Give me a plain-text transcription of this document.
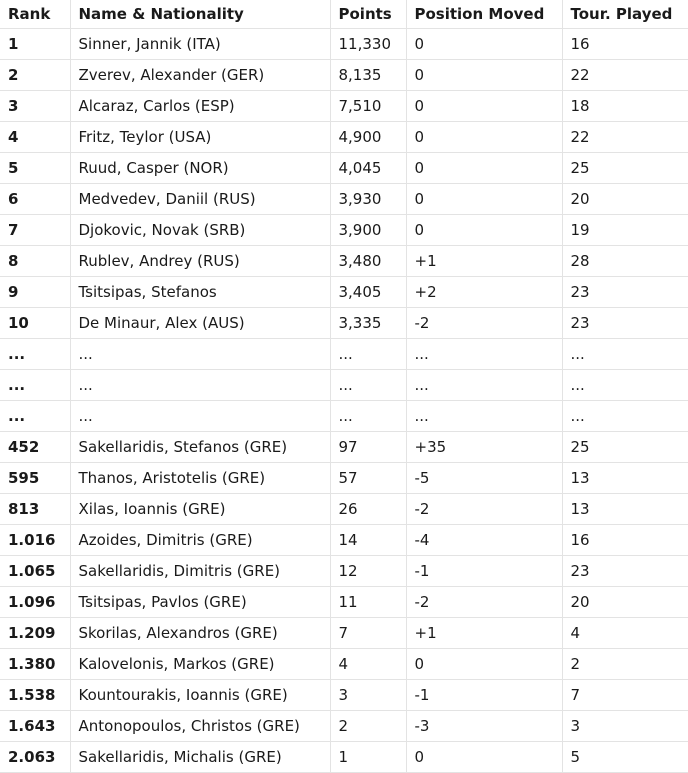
Rank	Name & Nationality	Points	Position Moved	Tour. Played
1	Sinner, Jannik (ITA)	11,330	0	16
2	Zverev, Alexander (GER)	8,135	0	22
3	Alcaraz, Carlos (ESP)	7,510	0	18
4	Fritz, Teylor (USA)	4,900	0	22
5	Ruud, Casper (NOR)	4,045	0	25
6	Medvedev, Daniil (RUS)	3,930	0	20
7	Djokovic, Novak (SRB)	3,900	0	19
8	Rublev, Andrey (RUS)	3,480	+1	28
9	Tsitsipas, Stefanos	3,405	+2	23
10	De Minaur, Alex (AUS)	3,335	-2	23
...	...	...	...	...
...	...	...	...	...
...	...	...	...	...
452	Sakellaridis, Stefanos (GRE)	97	+35	25
595	Thanos, Aristotelis (GRE)	57	-5	13
813	Xilas, Ioannis (GRE)	26	-2	13
1.016	Azoides, Dimitris (GRE)	14	-4	16
1.065	Sakellaridis, Dimitris (GRE)	12	-1	23
1.096	Tsitsipas, Pavlos (GRE)	11	-2	20
1.209	Skorilas, Alexandros (GRE)	7	+1	4
1.380	Kalovelonis, Markos (GRE)	4	0	2
1.538	Kountourakis, Ioannis (GRE)	3	-1	7
1.643	Antonopoulos, Christos (GRE)	2	-3	3
2.063	Sakellaridis, Michalis (GRE)	1	0	5
